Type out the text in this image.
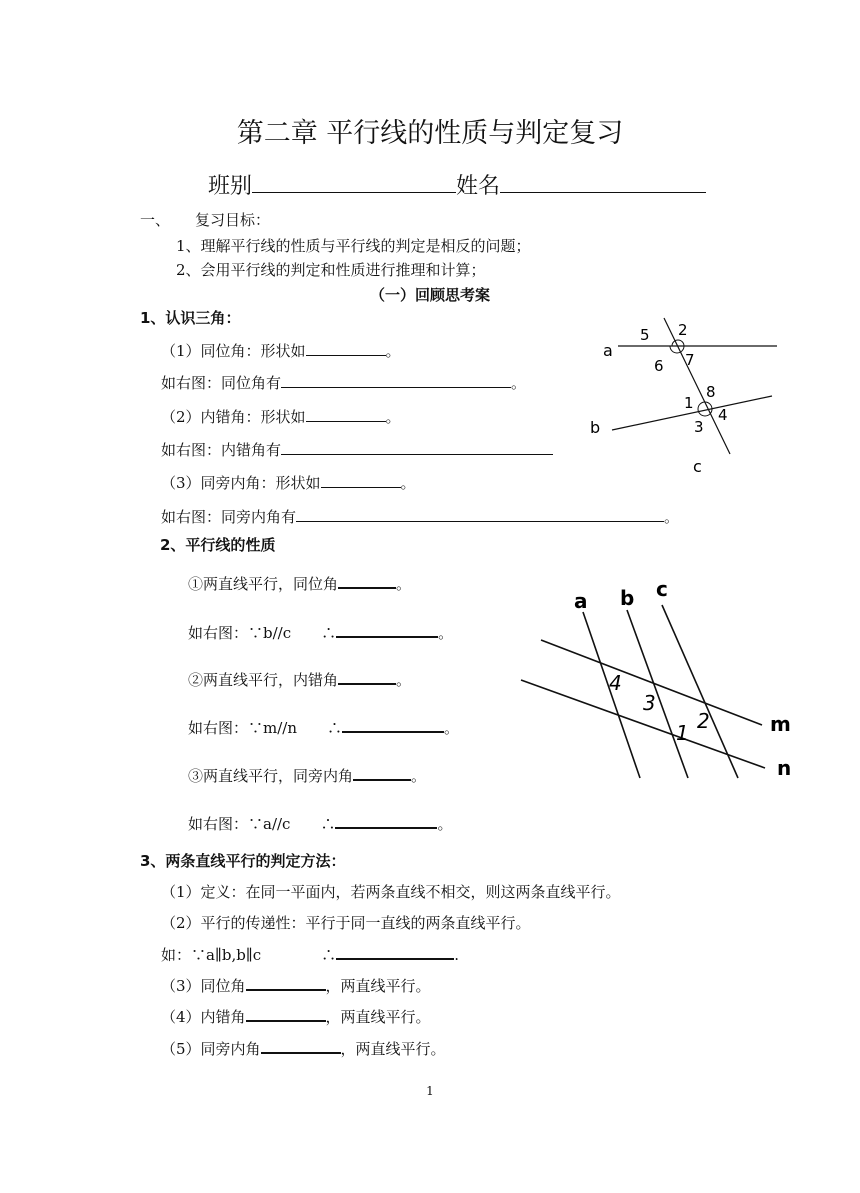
第二章 平行线的性质与判定复习
班别	姓名
一、 复习目标：
1、理解平行线的性质与平行线的判定是相反的问题；
2、会用平行线的判定和性质进行推理和计算；
（一）回顾思考案
1、认识三角：
（1）同位角：形状如	。
如右图：同位角有	。
（2）内错角：形状如	。
如右图：内错角有
（3）同旁内角：形状如	。
如右图：同旁内角有	。
a
b
c
5 2
6 7
8
1
4
3
2、平行线的性质
①两直线平行，同位角	。
如右图：∵b//c　　∴	。
②两直线平行，内错角	。
如右图：∵m//n　　∴	。
③两直线平行，同旁内角	。
如右图：∵a//c　　∴	。
a b c
m
n
4
3
2
1
3、两条直线平行的判定方法：
（1）定义：在同一平面内，若两条直线不相交，则这两条直线平行。
（2）平行的传递性：平行于同一直线的两条直线平行。
如：∵a∥b,b∥c　　　　∴	.
（3）同位角	，两直线平行。
（4）内错角	，两直线平行。
（5）同旁内角	，两直线平行。
1
